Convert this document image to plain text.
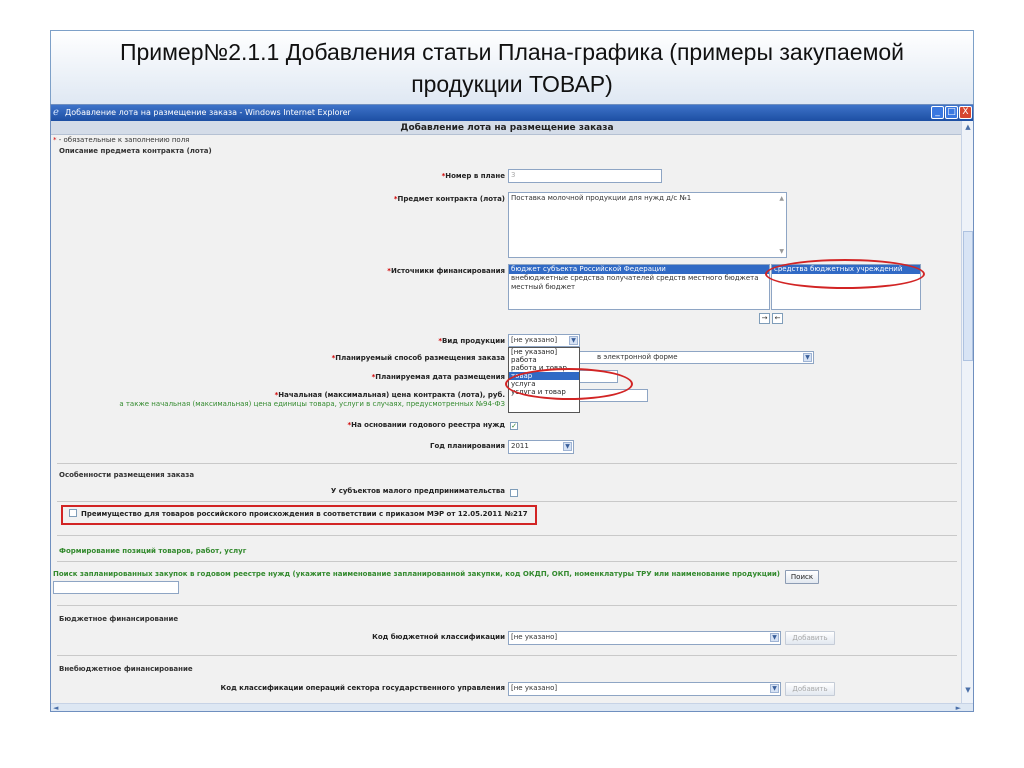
Пример№2.1.1 Добавления статьи Плана-графика (примеры закупаемой
продукции ТОВАР)
ℯ Добавление лота на размещение заказа - Windows Internet Explorer	_ □ X
Добавление лота на размещение заказа
* - обязательные к заполнению поля
Описание предмета контракта (лота)
*Номер в плане 3
*Предмет контракта (лота) Поставка молочной продукции для нужд д/с №1	▲
▼
*Источники финансирования бюджет субъекта Российской Федерации
внебюджетные средства получателей средств местного бюджета
местный бюджет
средства бюджетных учреждений
→	←
*Вид продукции [не указано]	▼
*Планируемый способ размещения заказа	в электронной форме	▼
*Планируемая дата размещения
*Начальная (максимальная) цена контракта (лота), руб.
а также начальная (максимальная) цена единицы товара, услуги в случаях, предусмотренных №94-ФЗ
[не указано]
работа
работа и товар
товар
услуга
услуга и товар
*На основании годового реестра нужд ✓
Год планирования 2011	▼
Особенности размещения заказа
У субъектов малого предпринимательства
Преимущество для товаров российского происхождения в соответствии с приказом МЭР от 12.05.2011 №217
Формирование позиций товаров, работ, услуг
Поиск запланированных закупок в годовом реестре нужд (укажите наименование запланированной закупки, код ОКДП, ОКП, номенклатуры ТРУ или наименование продукции)	Поиск
Бюджетное финансирование
Код бюджетной классификации [не указано]	▼	Добавить
Внебюджетное финансирование
Код классификации операций сектора государственного управления [не указано]	▼	Добавить
▲
▼
◄	►
